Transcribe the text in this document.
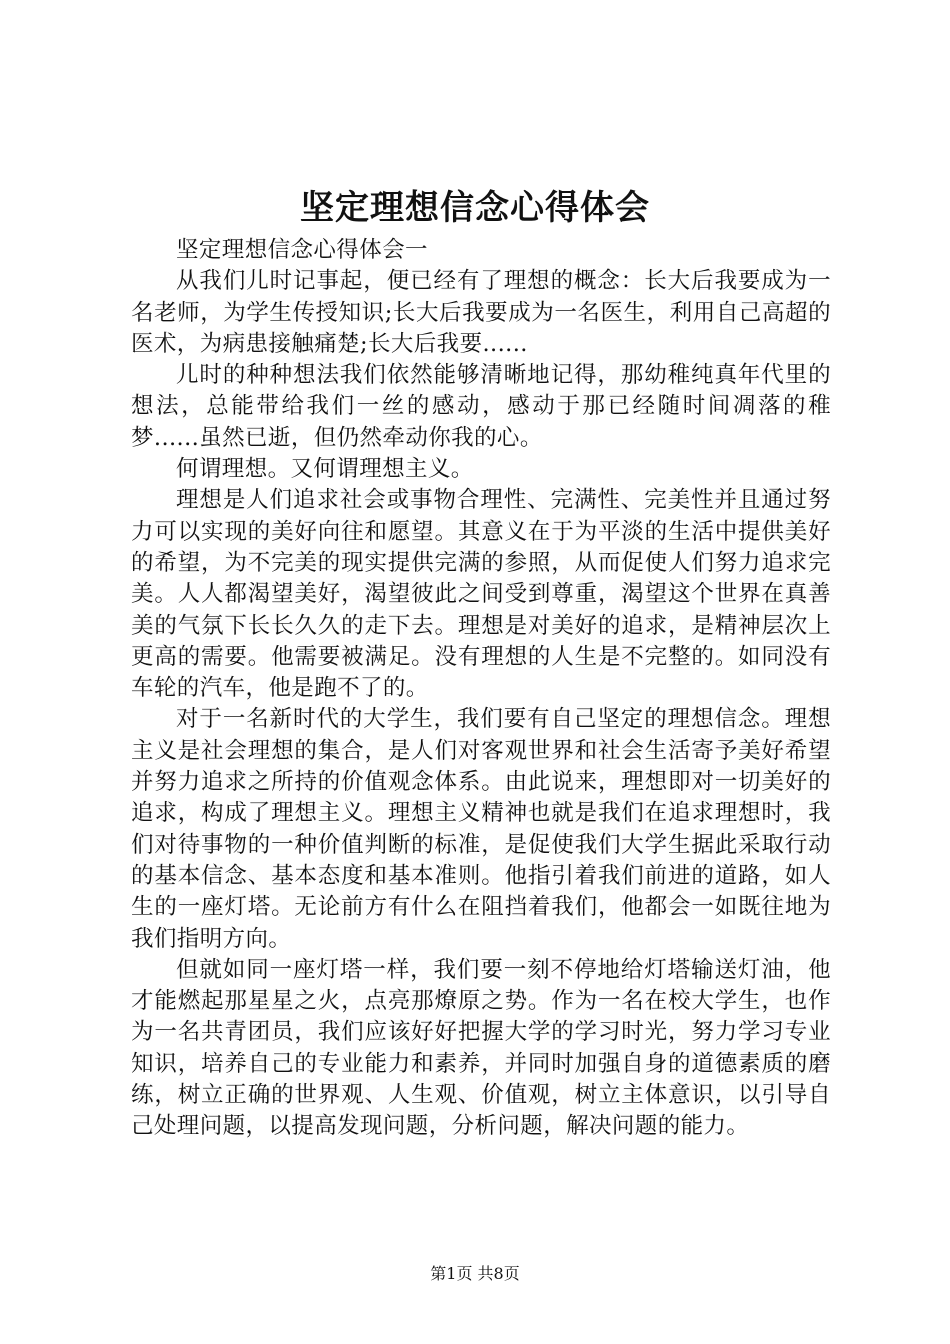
坚定理想信念心得体会

坚定理想信念心得体会一

从我们儿时记事起，便已经有了理想的概念：长大后我要成为一名老师，为学生传授知识;长大后我要成为一名医生，利用自己高超的医术，为病患接触痛楚;长大后我要......

儿时的种种想法我们依然能够清晰地记得，那幼稚纯真年代里的想法，总能带给我们一丝的感动，感动于那已经随时间凋落的稚梦......虽然已逝，但仍然牵动你我的心。

何谓理想。又何谓理想主义。

理想是人们追求社会或事物合理性、完满性、完美性并且通过努力可以实现的美好向往和愿望。其意义在于为平淡的生活中提供美好的希望，为不完美的现实提供完满的参照，从而促使人们努力追求完美。人人都渴望美好，渴望彼此之间受到尊重，渴望这个世界在真善美的气氛下长长久久的走下去。理想是对美好的追求，是精神层次上更高的需要。他需要被满足。没有理想的人生是不完整的。如同没有车轮的汽车，他是跑不了的。

对于一名新时代的大学生，我们要有自己坚定的理想信念。理想主义是社会理想的集合，是人们对客观世界和社会生活寄予美好希望并努力追求之所持的价值观念体系。由此说来，理想即对一切美好的追求，构成了理想主义。理想主义精神也就是我们在追求理想时，我们对待事物的一种价值判断的标准，是促使我们大学生据此采取行动的基本信念、基本态度和基本准则。他指引着我们前进的道路，如人生的一座灯塔。无论前方有什么在阻挡着我们，他都会一如既往地为我们指明方向。

但就如同一座灯塔一样，我们要一刻不停地给灯塔输送灯油，他才能燃起那星星之火，点亮那燎原之势。作为一名在校大学生，也作为一名共青团员，我们应该好好把握大学的学习时光，努力学习专业知识，培养自己的专业能力和素养，并同时加强自身的道德素质的磨练，树立正确的世界观、人生观、价值观，树立主体意识，以引导自己处理问题，以提高发现问题，分析问题，解决问题的能力。

第1页 共8页
